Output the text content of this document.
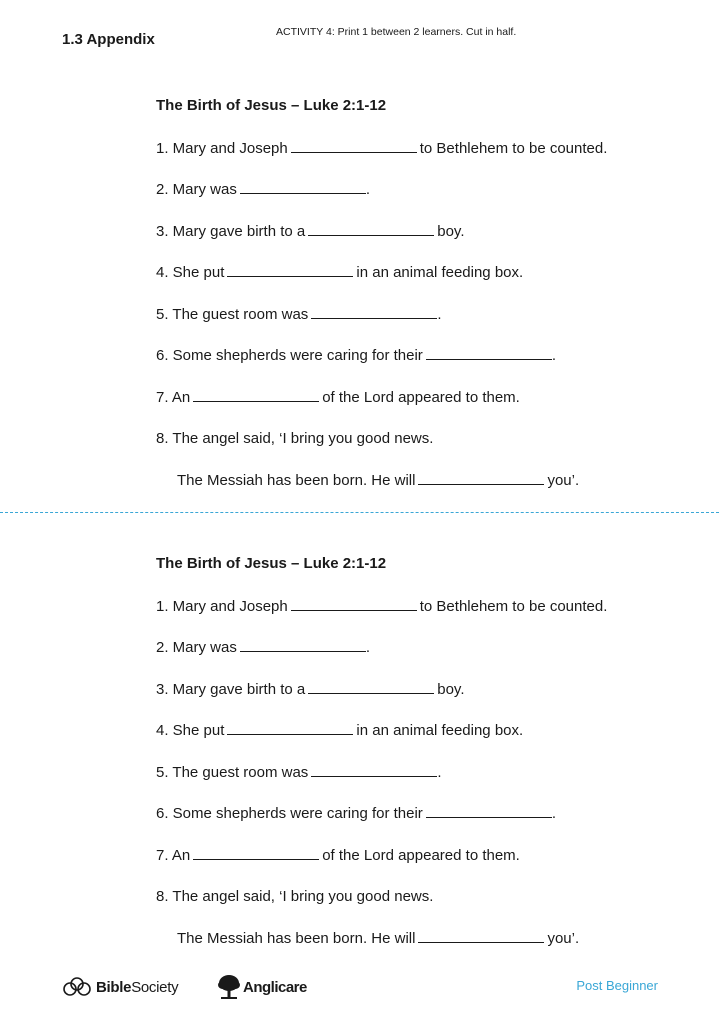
1.3 Appendix	ACTIVITY 4: Print 1 between 2 learners. Cut in half.
The Birth of Jesus – Luke 2:1-12
1. Mary and Joseph	to Bethlehem to be counted.
2. Mary was	.
3. Mary gave birth to a	boy.
4. She put	in an animal feeding box.
5. The guest room was	.
6. Some shepherds were caring for their	.
7. An	of the Lord appeared to them.
8. The angel said, ‘I bring you good news.
The Messiah has been born. He will	you’.
The Birth of Jesus – Luke 2:1-12
1. Mary and Joseph	to Bethlehem to be counted.
2. Mary was	.
3. Mary gave birth to a	boy.
4. She put	in an animal feeding box.
5. The guest room was	.
6. Some shepherds were caring for their	.
7. An	of the Lord appeared to them.
8. The angel said, ‘I bring you good news.
The Messiah has been born. He will	you’.
BibleSociety	Anglicare	Post Beginner
